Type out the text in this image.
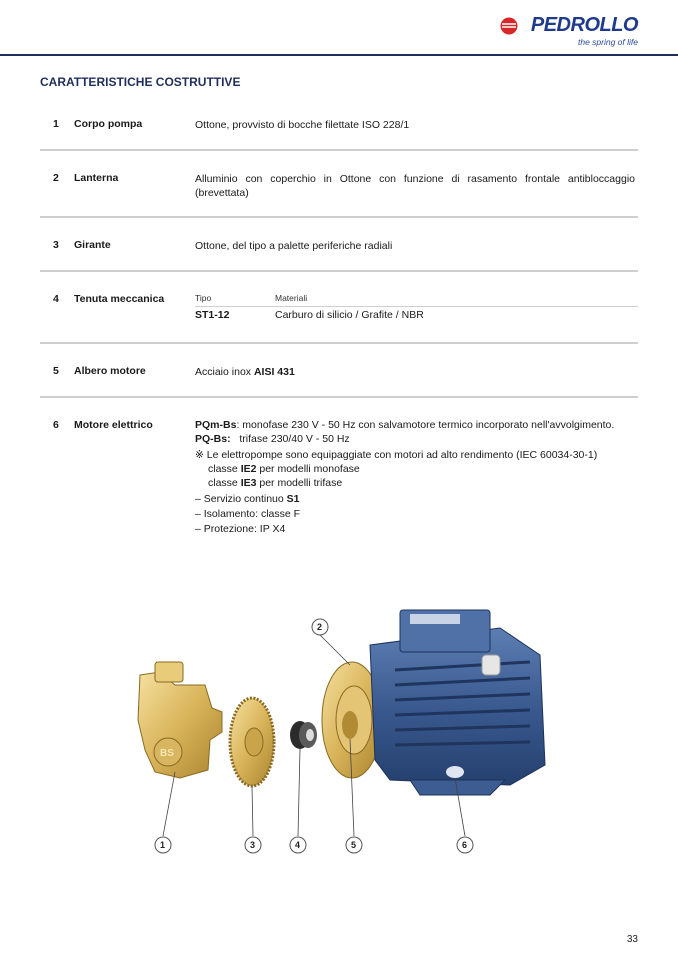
PEDROLLO
the spring of life
CARATTERISTICHE COSTRUTTIVE
1 Corpo pompa	Ottone, provvisto di bocche filettate ISO 228/1
2 Lanterna	Alluminio con coperchio in Ottone con funzione di rasamento frontale antibloccaggio (brevettata)
3 Girante	Ottone, del tipo a palette periferiche radiali
4 Tenuta meccanica	Tipo	Materiali
ST1-12	Carburo di silicio / Grafite / NBR
5 Albero motore	Acciaio inox AISI 431
6 Motore elettrico	PQm-Bs: monofase 230 V - 50 Hz con salvamotore termico incorporato nell'avvolgimento.
PQ-Bs: trifase 230/40 V - 50 Hz
※ Le elettropompe sono equipaggiate con motori ad alto rendimento (IEC 60034-30-1)
classe IE2 per modelli monofase
classe IE3 per modelli trifase
– Servizio continuo S1
– Isolamento: classe F
– Protezione: IP X4
BS
1
2
3	4	5	6
33
